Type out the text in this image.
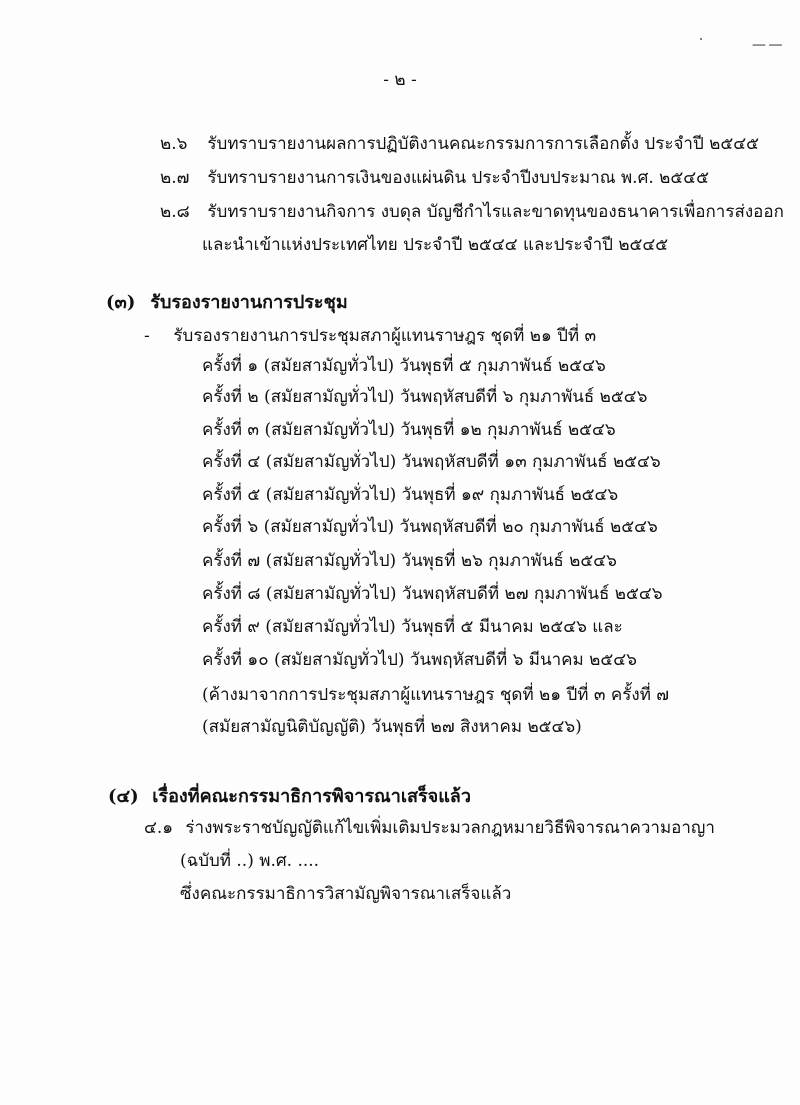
— —
- ๒ -
๒.๖ รับทราบรายงานผลการปฏิบัติงานคณะกรรมการการเลือกตั้ง ประจำปี ๒๕๔๕
๒.๗ รับทราบรายงานการเงินของแผ่นดิน ประจำปีงบประมาณ พ.ศ. ๒๕๔๕
๒.๘ รับทราบรายงานกิจการ งบดุล บัญชีกำไรและขาดทุนของธนาคารเพื่อการส่งออก
และนำเข้าแห่งประเทศไทย ประจำปี ๒๕๔๔ และประจำปี ๒๕๔๕
(๓) รับรองรายงานการประชุม
- รับรองรายงานการประชุมสภาผู้แทนราษฎร ชุดที่ ๒๑ ปีที่ ๓
ครั้งที่ ๑ (สมัยสามัญทั่วไป) วันพุธที่ ๕ กุมภาพันธ์ ๒๕๔๖
ครั้งที่ ๒ (สมัยสามัญทั่วไป) วันพฤหัสบดีที่ ๖ กุมภาพันธ์ ๒๕๔๖
ครั้งที่ ๓ (สมัยสามัญทั่วไป) วันพุธที่ ๑๒ กุมภาพันธ์ ๒๕๔๖
ครั้งที่ ๔ (สมัยสามัญทั่วไป) วันพฤหัสบดีที่ ๑๓ กุมภาพันธ์ ๒๕๔๖
ครั้งที่ ๕ (สมัยสามัญทั่วไป) วันพุธที่ ๑๙ กุมภาพันธ์ ๒๕๔๖
ครั้งที่ ๖ (สมัยสามัญทั่วไป) วันพฤหัสบดีที่ ๒๐ กุมภาพันธ์ ๒๕๔๖
ครั้งที่ ๗ (สมัยสามัญทั่วไป) วันพุธที่ ๒๖ กุมภาพันธ์ ๒๕๔๖
ครั้งที่ ๘ (สมัยสามัญทั่วไป) วันพฤหัสบดีที่ ๒๗ กุมภาพันธ์ ๒๕๔๖
ครั้งที่ ๙ (สมัยสามัญทั่วไป) วันพุธที่ ๕ มีนาคม ๒๕๔๖ และ
ครั้งที่ ๑๐ (สมัยสามัญทั่วไป) วันพฤหัสบดีที่ ๖ มีนาคม ๒๕๔๖
(ค้างมาจากการประชุมสภาผู้แทนราษฎร ชุดที่ ๒๑ ปีที่ ๓ ครั้งที่ ๗
(สมัยสามัญนิติบัญญัติ) วันพุธที่ ๒๗ สิงหาคม ๒๕๔๖)
(๔) เรื่องที่คณะกรรมาธิการพิจารณาเสร็จแล้ว
๔.๑ ร่างพระราชบัญญัติแก้ไขเพิ่มเติมประมวลกฎหมายวิธีพิจารณาความอาญา
(ฉบับที่ ..) พ.ศ. ....
ซึ่งคณะกรรมาธิการวิสามัญพิจารณาเสร็จแล้ว
